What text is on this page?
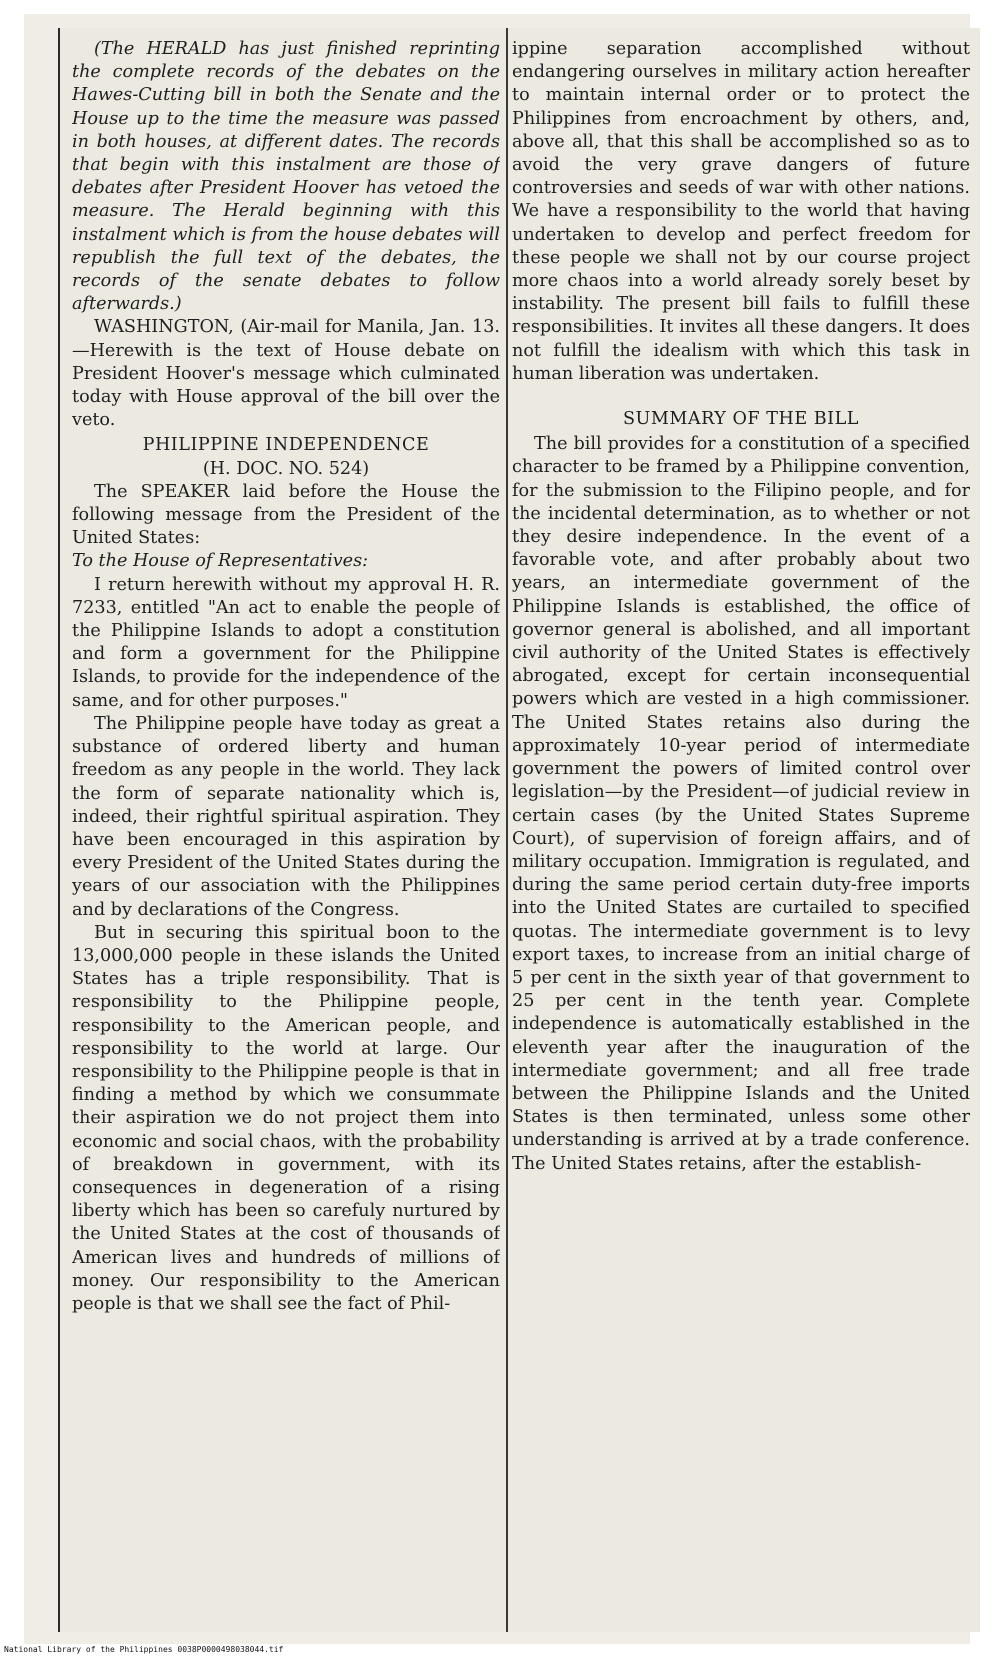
(The HERALD has just finished reprinting the complete records of the debates on the Hawes-Cutting bill in both the Senate and the House up to the time the measure was passed in both houses, at different dates. The records that begin with this instalment are those of debates after President Hoover has vetoed the measure. The Herald beginning with this instalment which is from the house debates will republish the full text of the debates, the records of the senate debates to follow afterwards.)

WASHINGTON, (Air-mail for Manila, Jan. 13.—Herewith is the text of House debate on President Hoover's message which culminated today with House approval of the bill over the veto.

PHILIPPINE INDEPENDENCE

(H. DOC. NO. 524)

The SPEAKER laid before the House the following message from the President of the United States:

To the House of Representatives:

I return herewith without my approval H. R. 7233, entitled "An act to enable the people of the Philippine Islands to adopt a constitution and form a government for the Philippine Islands, to provide for the independence of the same, and for other purposes."

The Philippine people have today as great a substance of ordered liberty and human freedom as any people in the world. They lack the form of separate nationality which is, indeed, their rightful spiritual aspiration. They have been encouraged in this aspiration by every President of the United States during the years of our association with the Philippines and by declarations of the Congress.

But in securing this spiritual boon to the 13,000,000 people in these islands the United States has a triple responsibility. That is responsibility to the Philippine people, responsibility to the American people, and responsibility to the world at large. Our responsibility to the Philippine people is that in finding a method by which we consummate their aspiration we do not project them into economic and social chaos, with the probability of breakdown in government, with its consequences in degeneration of a rising liberty which has been so carefuly nurtured by the United States at the cost of thousands of American lives and hundreds of millions of money. Our responsibility to the American people is that we shall see the fact of Phil-

ippine separation accomplished without endangering ourselves in military action hereafter to maintain internal order or to protect the Philippines from encroachment by others, and, above all, that this shall be accomplished so as to avoid the very grave dangers of future controversies and seeds of war with other nations. We have a responsibility to the world that having undertaken to develop and perfect freedom for these people we shall not by our course project more chaos into a world already sorely beset by instability. The present bill fails to fulfill these responsibilities. It invites all these dangers. It does not fulfill the idealism with which this task in human liberation was undertaken.

SUMMARY OF THE BILL

The bill provides for a constitution of a specified character to be framed by a Philippine convention, for the submission to the Filipino people, and for the incidental determination, as to whether or not they desire independence. In the event of a favorable vote, and after probably about two years, an intermediate government of the Philippine Islands is established, the office of governor general is abolished, and all important civil authority of the United States is effectively abrogated, except for certain inconsequential powers which are vested in a high commissioner. The United States retains also during the approximately 10-year period of intermediate government the powers of limited control over legislation—by the President—of judicial review in certain cases (by the United States Supreme Court), of supervision of foreign affairs, and of military occupation. Immigration is regulated, and during the same period certain duty-free imports into the United States are curtailed to specified quotas. The intermediate government is to levy export taxes, to increase from an initial charge of 5 per cent in the sixth year of that government to 25 per cent in the tenth year. Complete independence is automatically established in the eleventh year after the inauguration of the intermediate government; and all free trade between the Philippine Islands and the United States is then terminated, unless some other understanding is arrived at by a trade conference. The United States retains, after the establish-

National Library of the Philippines 0038P0000498038044.tif
